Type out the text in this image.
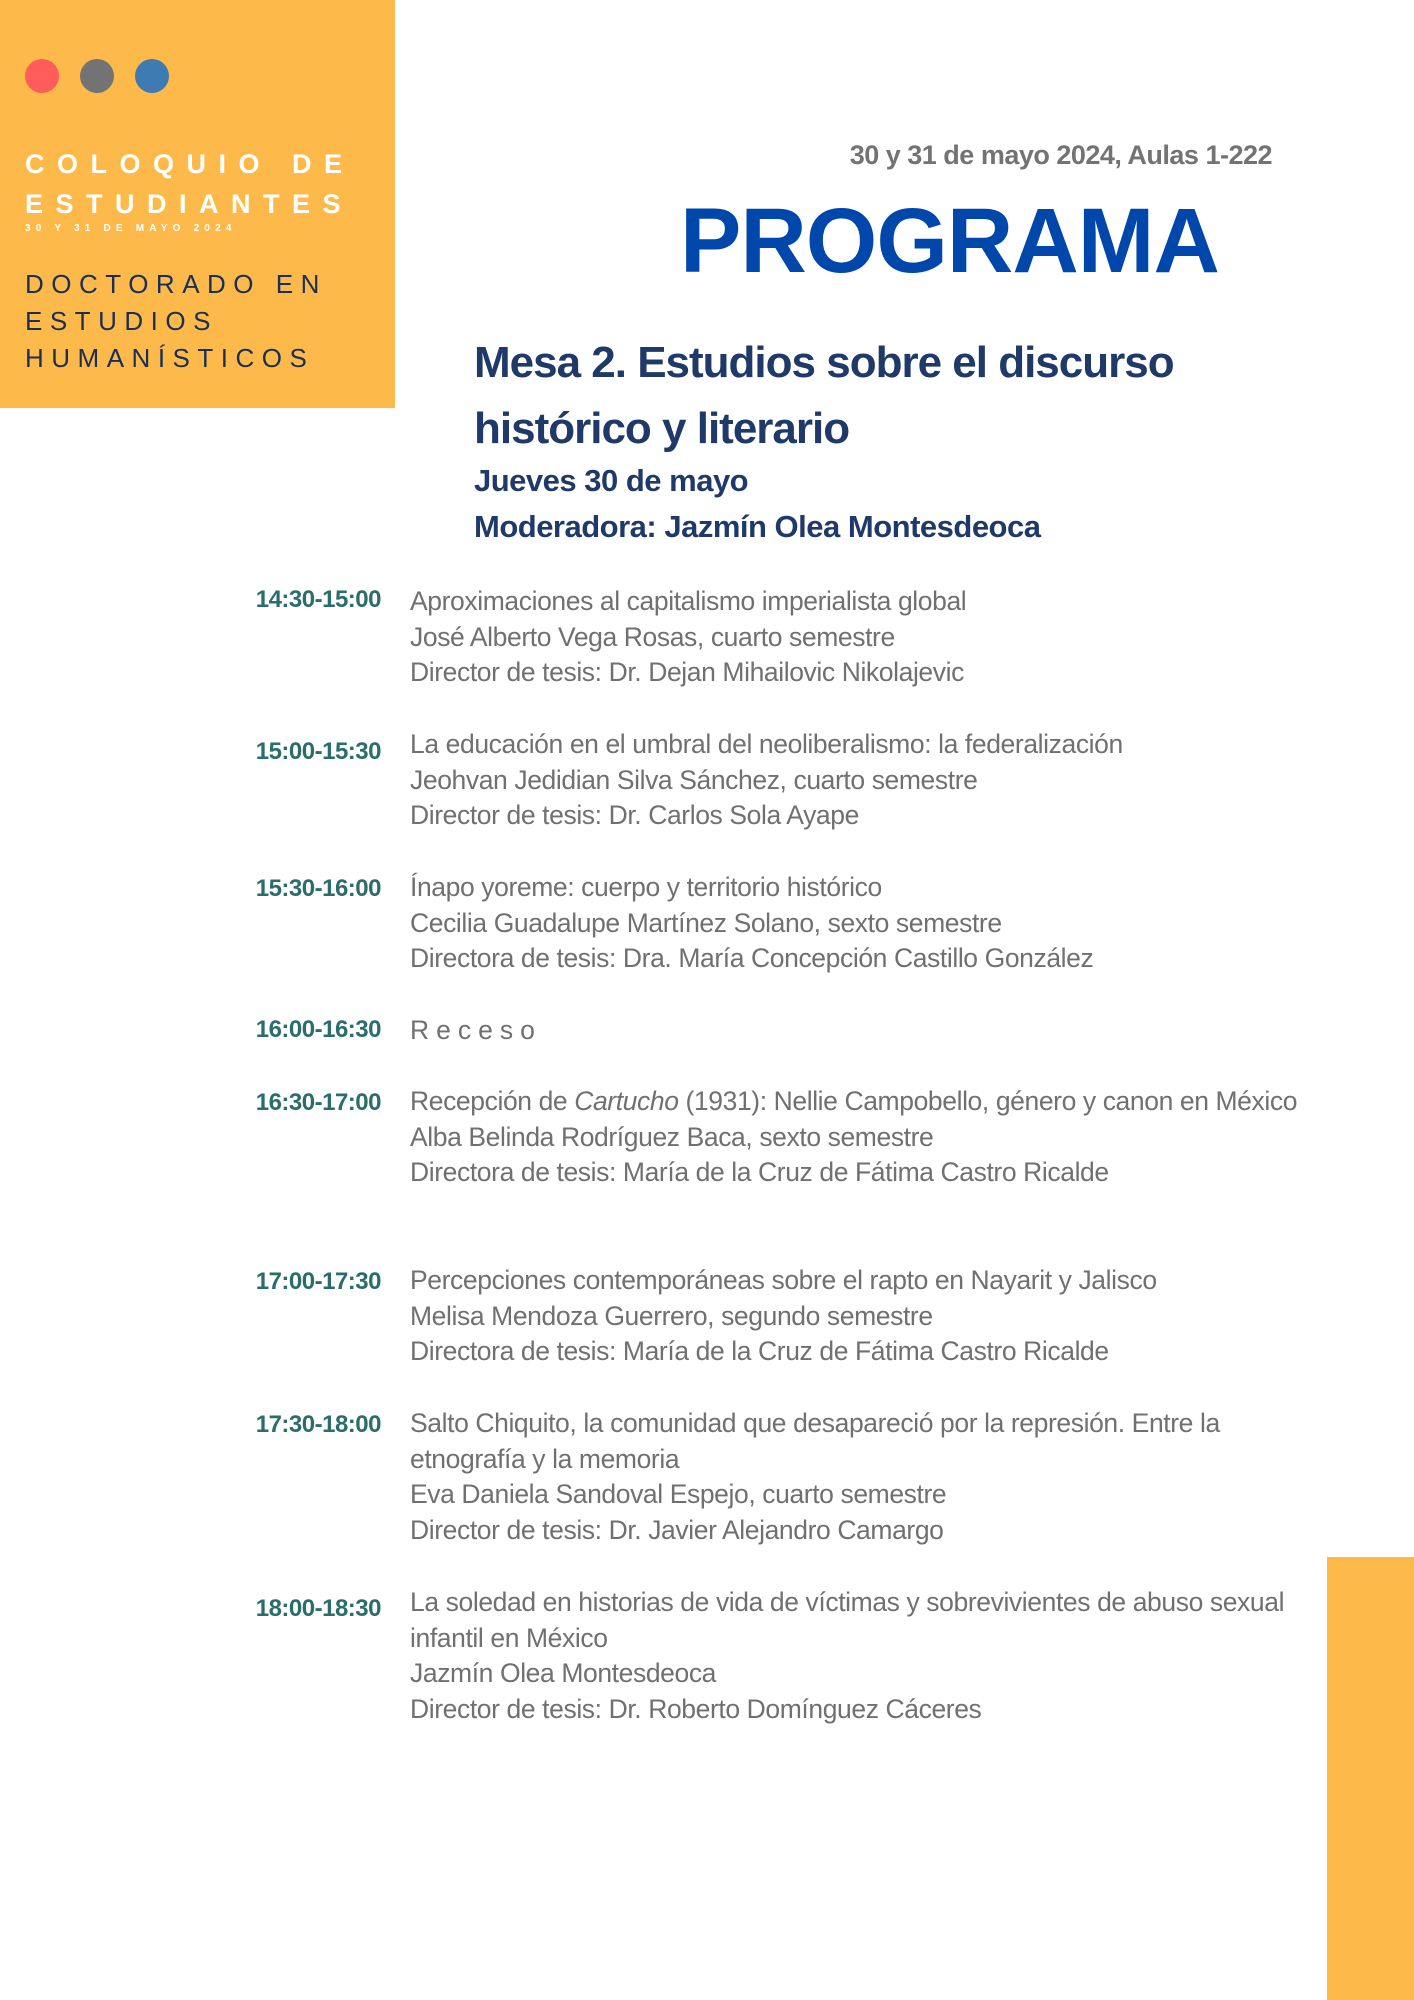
COLOQUIO DE
ESTUDIANTES
30 Y 31 DE MAYO 2024
DOCTORADO EN
ESTUDIOS
HUMANÍSTICOS
30 y 31 de mayo 2024, Aulas 1-222
PROGRAMA
Mesa 2. Estudios sobre el discurso histórico y literario
Jueves 30 de mayo
Moderadora: Jazmín Olea Montesdeoca
14:30-15:00 Aproximaciones al capitalismo imperialista global
José Alberto Vega Rosas, cuarto semestre
Director de tesis: Dr. Dejan Mihailovic Nikolajevic
15:00-15:30 La educación en el umbral del neoliberalismo: la federalización
Jeohvan Jedidian Silva Sánchez, cuarto semestre
Director de tesis: Dr. Carlos Sola Ayape
15:30-16:00 Ínapo yoreme: cuerpo y territorio histórico
Cecilia Guadalupe Martínez Solano, sexto semestre
Directora de tesis: Dra. María Concepción Castillo González
16:00-16:30 Receso
16:30-17:00 Recepción de Cartucho (1931): Nellie Campobello, género y canon en México
Alba Belinda Rodríguez Baca, sexto semestre
Directora de tesis: María de la Cruz de Fátima Castro Ricalde
17:00-17:30 Percepciones contemporáneas sobre el rapto en Nayarit y Jalisco
Melisa Mendoza Guerrero, segundo semestre
Directora de tesis: María de la Cruz de Fátima Castro Ricalde
17:30-18:00 Salto Chiquito, la comunidad que desapareció por la represión. Entre la etnografía y la memoria
Eva Daniela Sandoval Espejo, cuarto semestre
Director de tesis: Dr. Javier Alejandro Camargo
18:00-18:30 La soledad en historias de vida de víctimas y sobrevivientes de abuso sexual infantil en México
Jazmín Olea Montesdeoca
Director de tesis: Dr. Roberto Domínguez Cáceres
